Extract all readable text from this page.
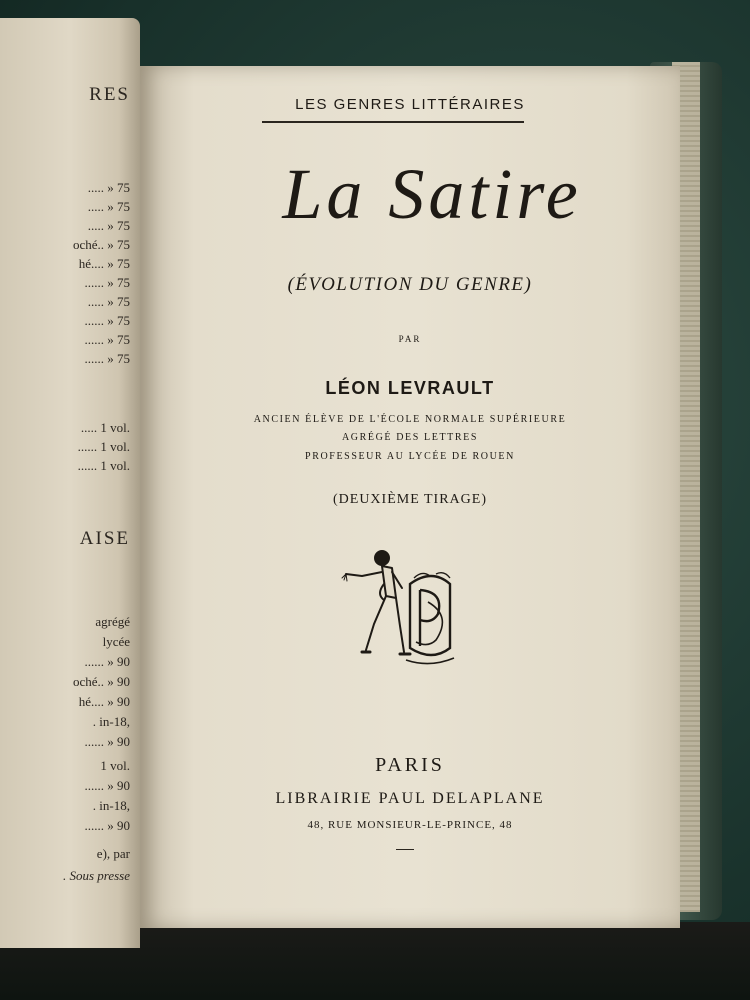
RES
..... » 75
..... » 75
..... » 75
oché.. » 75
hé.... » 75
...... » 75
..... » 75
...... » 75
...... » 75
...... » 75
..... 1 vol.
...... 1 vol.
...... 1 vol.
AISE
agrégé
lycée
...... » 90
oché.. » 90
hé.... » 90
. in-18,
...... » 90
1 vol.
...... » 90
. in-18,
...... » 90
e), par
. Sous presse
LES GENRES LITTÉRAIRES
La Satire
(ÉVOLUTION DU GENRE)
PAR
LÉON LEVRAULT
ANCIEN ÉLÈVE DE L'ÉCOLE NORMALE SUPÉRIEURE
AGRÉGÉ DES LETTRES
PROFESSEUR AU LYCÉE DE ROUEN
(DEUXIÈME TIRAGE)
PARIS
LIBRAIRIE PAUL DELAPLANE
48, RUE MONSIEUR-LE-PRINCE, 48
